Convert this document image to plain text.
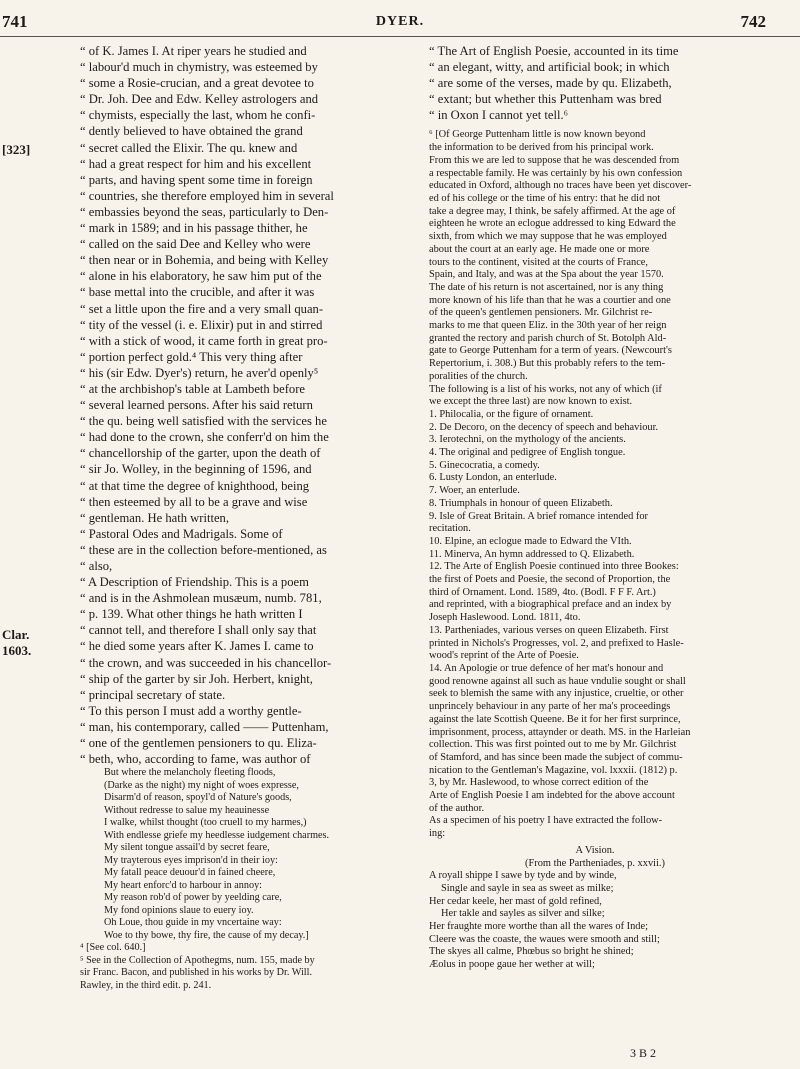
741	DYER.	742
[323]
Clar.
1603.
“ of K. James I. At riper years he studied and
“ labour'd much in chymistry, was esteemed by
“ some a Rosie-crucian, and a great devotee to
“ Dr. Joh. Dee and Edw. Kelley astrologers and
“ chymists, especially the last, whom he confi-
“ dently believed to have obtained the grand
“ secret called the Elixir. The qu. knew and
“ had a great respect for him and his excellent
“ parts, and having spent some time in foreign
“ countries, she therefore employed him in several
“ embassies beyond the seas, particularly to Den-
“ mark in 1589; and in his passage thither, he
“ called on the said Dee and Kelley who were
“ then near or in Bohemia, and being with Kelley
“ alone in his elaboratory, he saw him put of the
“ base mettal into the crucible, and after it was
“ set a little upon the fire and a very small quan-
“ tity of the vessel (i. e. Elixir) put in and stirred
“ with a stick of wood, it came forth in great pro-
“ portion perfect gold.⁴ This very thing after
“ his (sir Edw. Dyer's) return, he aver'd openly⁵
“ at the archbishop's table at Lambeth before
“ several learned persons. After his said return
“ the qu. being well satisfied with the services he
“ had done to the crown, she conferr'd on him the
“ chancellorship of the garter, upon the death of
“ sir Jo. Wolley, in the beginning of 1596, and
“ at that time the degree of knighthood, being
“ then esteemed by all to be a grave and wise
“ gentleman. He hath written,
“ Pastoral Odes and Madrigals. Some of
“ these are in the collection before-mentioned, as
“ also,
“ A Description of Friendship. This is a poem
“ and is in the Ashmolean musæum, numb. 781,
“ p. 139. What other things he hath written I
“ cannot tell, and therefore I shall only say that
“ he died some years after K. James I. came to
“ the crown, and was succeeded in his chancellor-
“ ship of the garter by sir Joh. Herbert, knight,
“ principal secretary of state.
“ To this person I must add a worthy gentle-
“ man, his contemporary, called —— Puttenham,
“ one of the gentlemen pensioners to qu. Eliza-
“ beth, who, according to fame, was author of
But where the melancholy fleeting floods,
(Darke as the night) my night of woes expresse,
Disarm'd of reason, spoyl'd of Nature's goods,
Without redresse to salue my heauinesse
I walke, whilst thought (too cruell to my harmes,)
With endlesse griefe my heedlesse iudgement charmes.
My silent tongue assail'd by secret feare,
My trayterous eyes imprison'd in their ioy:
My fatall peace deuour'd in fained cheere,
My heart enforc'd to harbour in annoy:
My reason rob'd of power by yeelding care,
My fond opinions slaue to euery ioy.
Oh Loue, thou guide in my vncertaine way:
Woe to thy bowe, thy fire, the cause of my decay.]
⁴ [See col. 640.]
⁵ See in the Collection of Apothegms, num. 155, made by
sir Franc. Bacon, and published in his works by Dr. Will.
Rawley, in the third edit. p. 241.
“ The Art of English Poesie, accounted in its time
“ an elegant, witty, and artificial book; in which
“ are some of the verses, made by qu. Elizabeth,
“ extant; but whether this Puttenham was bred
“ in Oxon I cannot yet tell.⁶
⁶ [Of George Puttenham little is now known beyond
the information to be derived from his principal work.
From this we are led to suppose that he was descended from
a respectable family. He was certainly by his own confession
educated in Oxford, although no traces have been yet discover-
ed of his college or the time of his entry: that he did not
take a degree may, I think, be safely affirmed. At the age of
eighteen he wrote an eclogue addressed to king Edward the
sixth, from which we may suppose that he was employed
about the court at an early age. He made one or more
tours to the continent, visited at the courts of France,
Spain, and Italy, and was at the Spa about the year 1570.
The date of his return is not ascertained, nor is any thing
more known of his life than that he was a courtier and one
of the queen's gentlemen pensioners. Mr. Gilchrist re-
marks to me that queen Eliz. in the 30th year of her reign
granted the rectory and parish church of St. Botolph Ald-
gate to George Puttenham for a term of years. (Newcourt's
Repertorium, i. 308.) But this probably refers to the tem-
poralities of the church.
The following is a list of his works, not any of which (if
we except the three last) are now known to exist.
1. Philocalia, or the figure of ornament.
2. De Decoro, on the decency of speech and behaviour.
3. Ierotechni, on the mythology of the ancients.
4. The original and pedigree of English tongue.
5. Ginecocratia, a comedy.
6. Lusty London, an enterlude.
7. Woer, an enterlude.
8. Triumphals in honour of queen Elizabeth.
9. Isle of Great Britain. A brief romance intended for
recitation.
10. Elpine, an eclogue made to Edward the VIth.
11. Minerva, An hymn addressed to Q. Elizabeth.
12. The Arte of English Poesie continued into three Bookes:
the first of Poets and Poesie, the second of Proportion, the
third of Ornament. Lond. 1589, 4to. (Bodl. F F F. Art.)
and reprinted, with a biographical preface and an index by
Joseph Haslewood. Lond. 1811, 4to.
13. Partheniades, various verses on queen Elizabeth. First
printed in Nichols's Progresses, vol. 2, and prefixed to Hasle-
wood's reprint of the Arte of Poesie.
14. An Apologie or true defence of her mat's honour and
good renowne against all such as haue vndulie sought or shall
seek to blemish the same with any injustice, crueltie, or other
unprincely behaviour in any parte of her ma's proceedings
against the late Scottish Queene. Be it for her first surprince,
imprisonment, process, attaynder or death. MS. in the Harleian
collection. This was first pointed out to me by Mr. Gilchrist
of Stamford, and has since been made the subject of commu-
nication to the Gentleman's Magazine, vol. lxxxii. (1812) p.
3, by Mr. Haslewood, to whose correct edition of the
Arte of English Poesie I am indebted for the above account
of the author.
As a specimen of his poetry I have extracted the follow-
ing:
A Vision.
(From the Partheniades, p. xxvii.)
A royall shippe I sawe by tyde and by winde,
Single and sayle in sea as sweet as milke;
Her cedar keele, her mast of gold refined,
Her takle and sayles as silver and silke;
Her fraughte more worthe than all the wares of Inde;
Cleere was the coaste, the waues were smooth and still;
The skyes all calme, Phœbus so bright he shined;
Æolus in poope gaue her wether at will;
3 B 2
